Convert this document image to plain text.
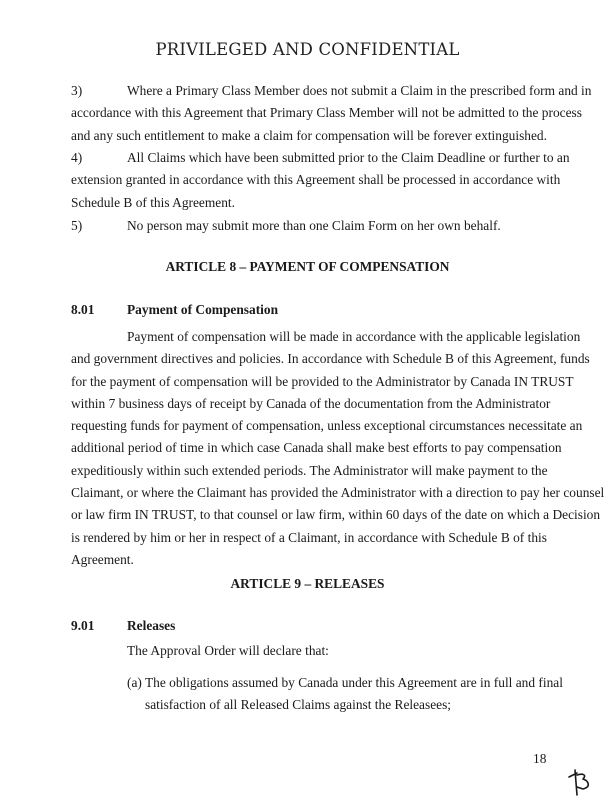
PRIVILEGED AND CONFIDENTIAL
3)	Where a Primary Class Member does not submit a Claim in the prescribed form and in
accordance with this Agreement that Primary Class Member will not be admitted to the process
and any such entitlement to make a claim for compensation will be forever extinguished.
4)	All Claims which have been submitted prior to the Claim Deadline or further to an
extension granted in accordance with this Agreement shall be processed in accordance with
Schedule B of this Agreement.
5)	No person may submit more than one Claim Form on her own behalf.
ARTICLE 8 – PAYMENT OF COMPENSATION
8.01 Payment of Compensation
Payment of compensation will be made in accordance with the applicable legislation
and government directives and policies. In accordance with Schedule B of this Agreement, funds
for the payment of compensation will be provided to the Administrator by Canada IN TRUST
within 7 business days of receipt by Canada of the documentation from the Administrator
requesting funds for payment of compensation, unless exceptional circumstances necessitate an
additional period of time in which case Canada shall make best efforts to pay compensation
expeditiously within such extended periods. The Administrator will make payment to the
Claimant, or where the Claimant has provided the Administrator with a direction to pay her counsel
or law firm IN TRUST, to that counsel or law firm, within 60 days of the date on which a Decision
is rendered by him or her in respect of a Claimant, in accordance with Schedule B of this
Agreement.
ARTICLE 9 – RELEASES
9.01 Releases
The Approval Order will declare that:
(a) The obligations assumed by Canada under this Agreement are in full and final
satisfaction of all Released Claims against the Releasees;
18
